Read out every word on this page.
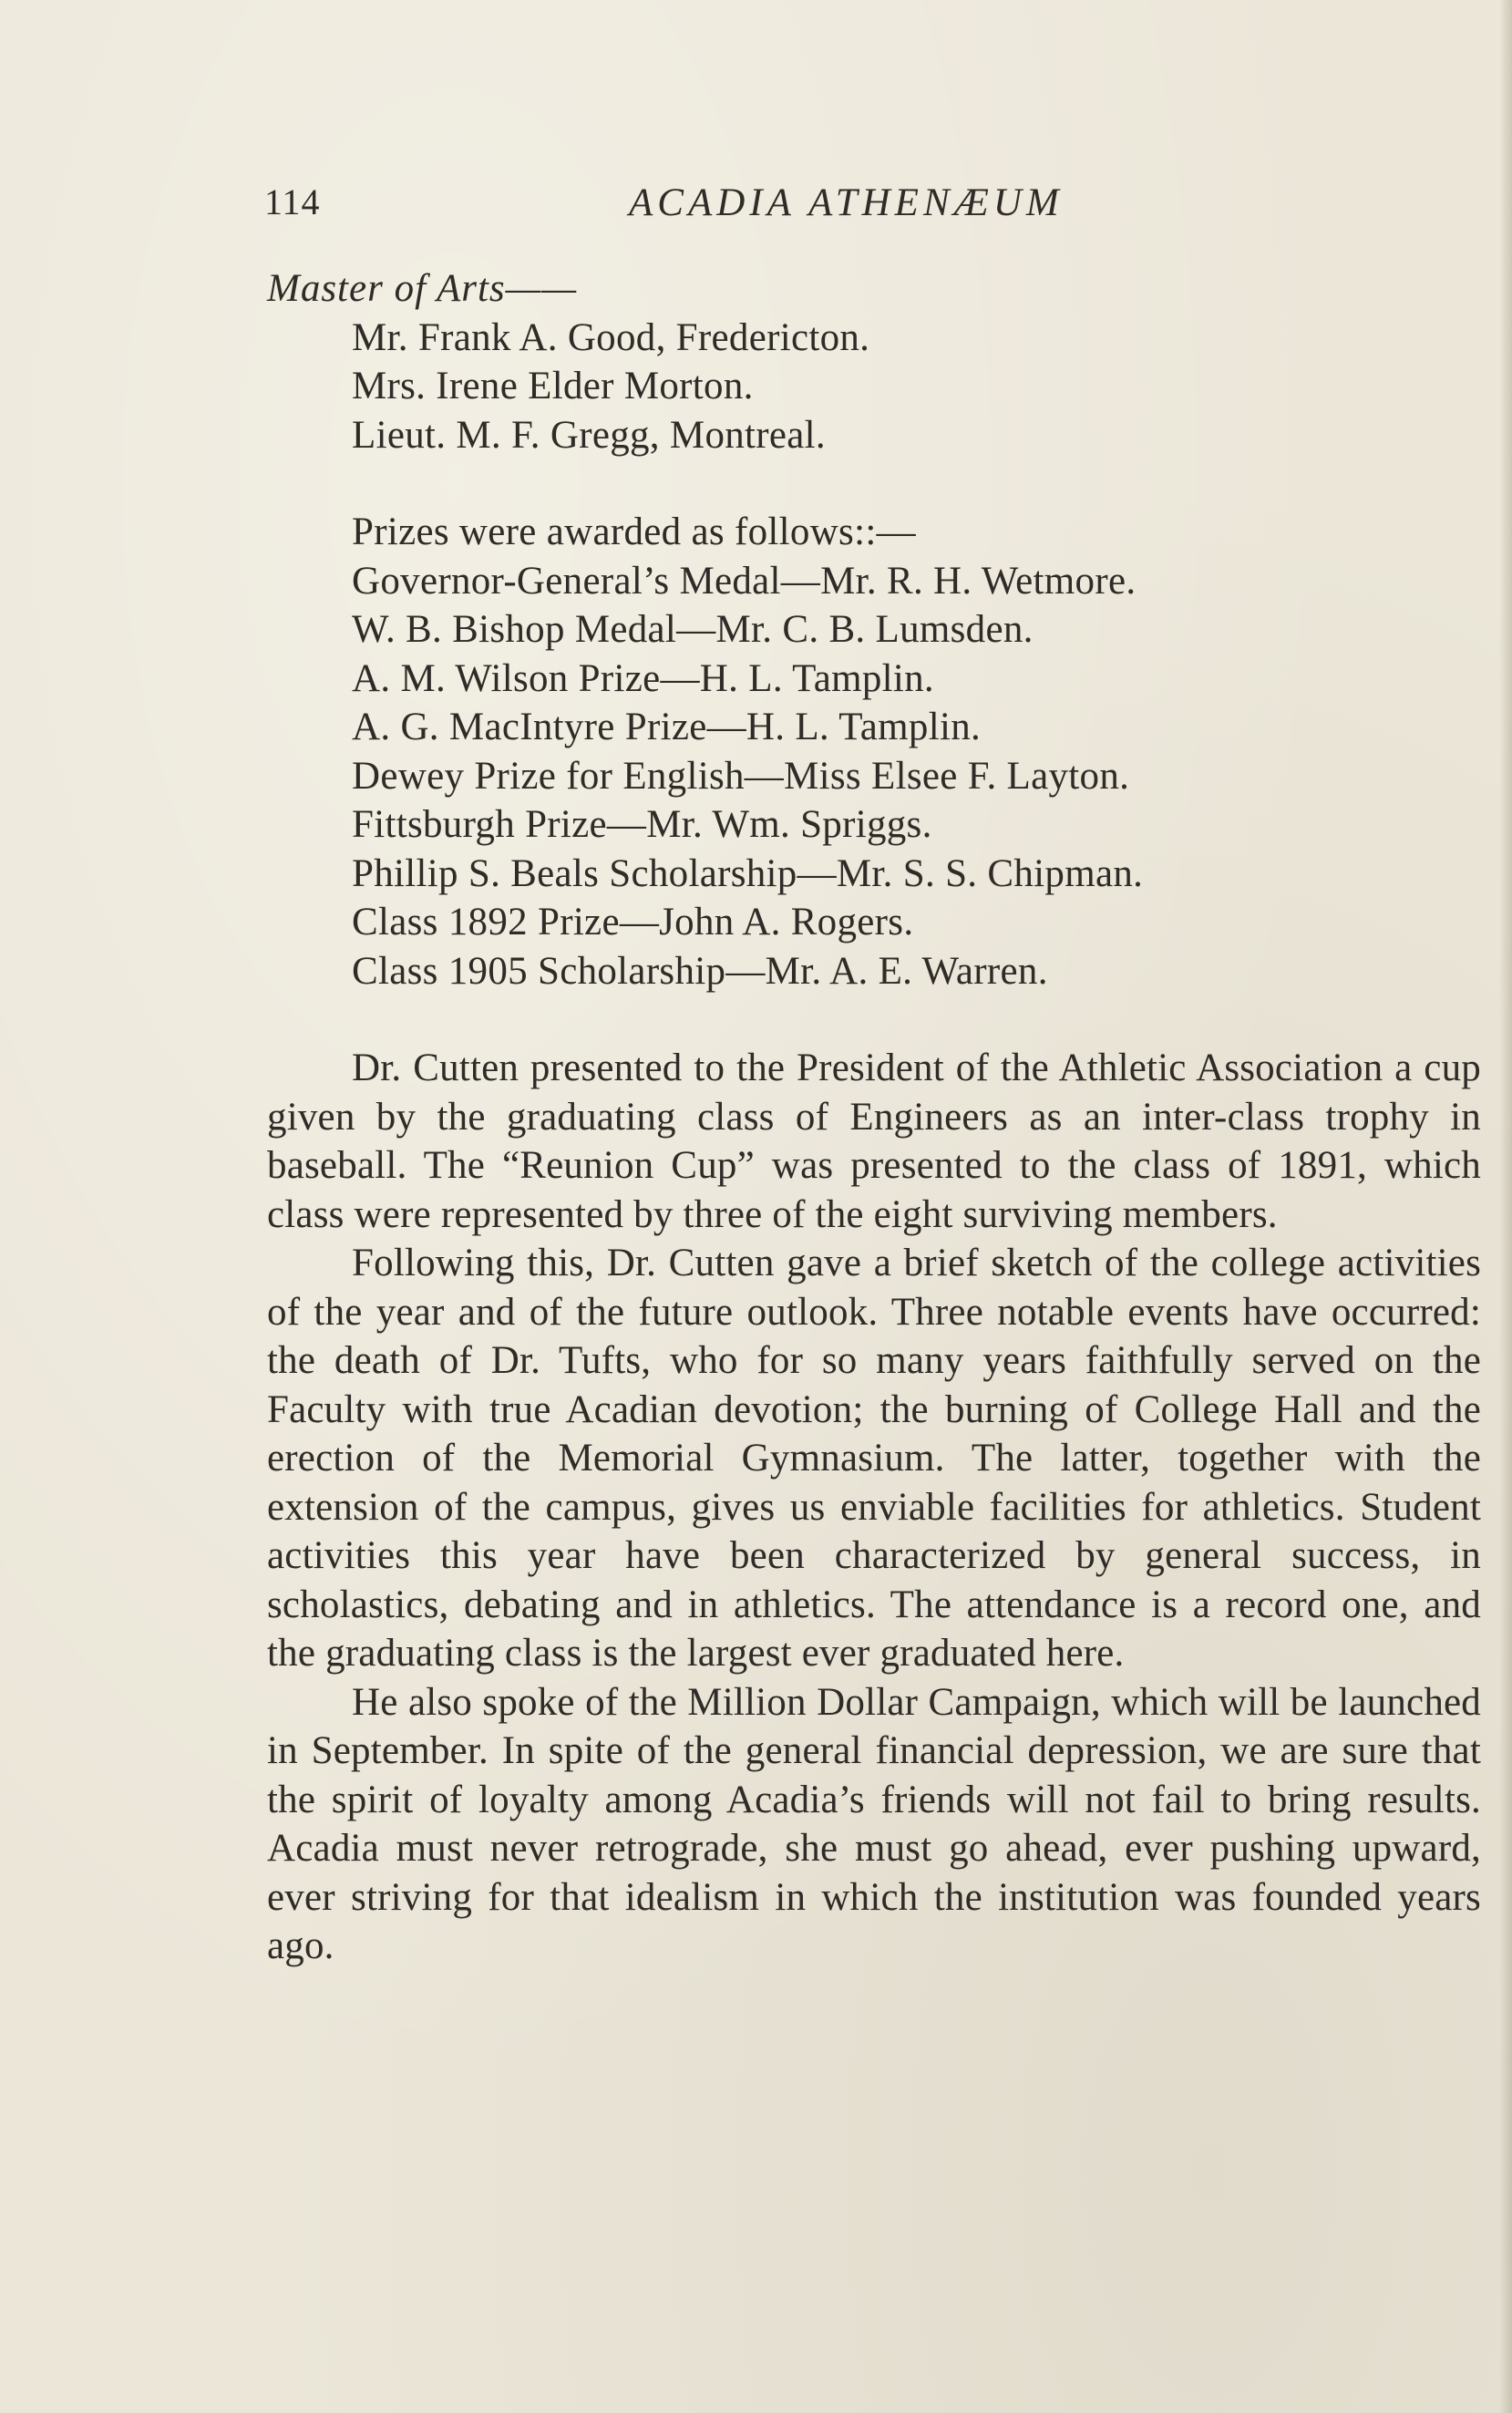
114	ACADIA ATHENÆUM
Master of Arts——
Mr. Frank A. Good, Fredericton.
Mrs. Irene Elder Morton.
Lieut. M. F. Gregg, Montreal.
Prizes were awarded as follows::—
Governor-General’s Medal—Mr. R. H. Wetmore.
W. B. Bishop Medal—Mr. C. B. Lumsden.
A. M. Wilson Prize—H. L. Tamplin.
A. G. MacIntyre Prize—H. L. Tamplin.
Dewey Prize for English—Miss Elsee F. Layton.
Fittsburgh Prize—Mr. Wm. Spriggs.
Phillip S. Beals Scholarship—Mr. S. S. Chipman.
Class 1892 Prize—John A. Rogers.
Class 1905 Scholarship—Mr. A. E. Warren.

Dr. Cutten presented to the President of the Athletic Association a cup given by the graduating class of Engineers as an inter-class trophy in baseball. The “Reunion Cup” was presented to the class of 1891, which class were represented by three of the eight surviving members.

Following this, Dr. Cutten gave a brief sketch of the college activities of the year and of the future outlook. Three notable events have occurred: the death of Dr. Tufts, who for so many years faithfully served on the Faculty with true Acadian devotion; the burning of College Hall and the erection of the Memorial Gymnasium. The latter, together with the extension of the campus, gives us enviable facilities for athletics. Student activities this year have been characterized by general success, in scholastics, debating and in athletics. The attendance is a record one, and the graduating class is the largest ever graduated here.

He also spoke of the Million Dollar Campaign, which will be launched in September. In spite of the general financial depression, we are sure that the spirit of loyalty among Acadia’s friends will not fail to bring results. Acadia must never retrograde, she must go ahead, ever pushing upward, ever striving for that idealism in which the institution was founded years ago.
